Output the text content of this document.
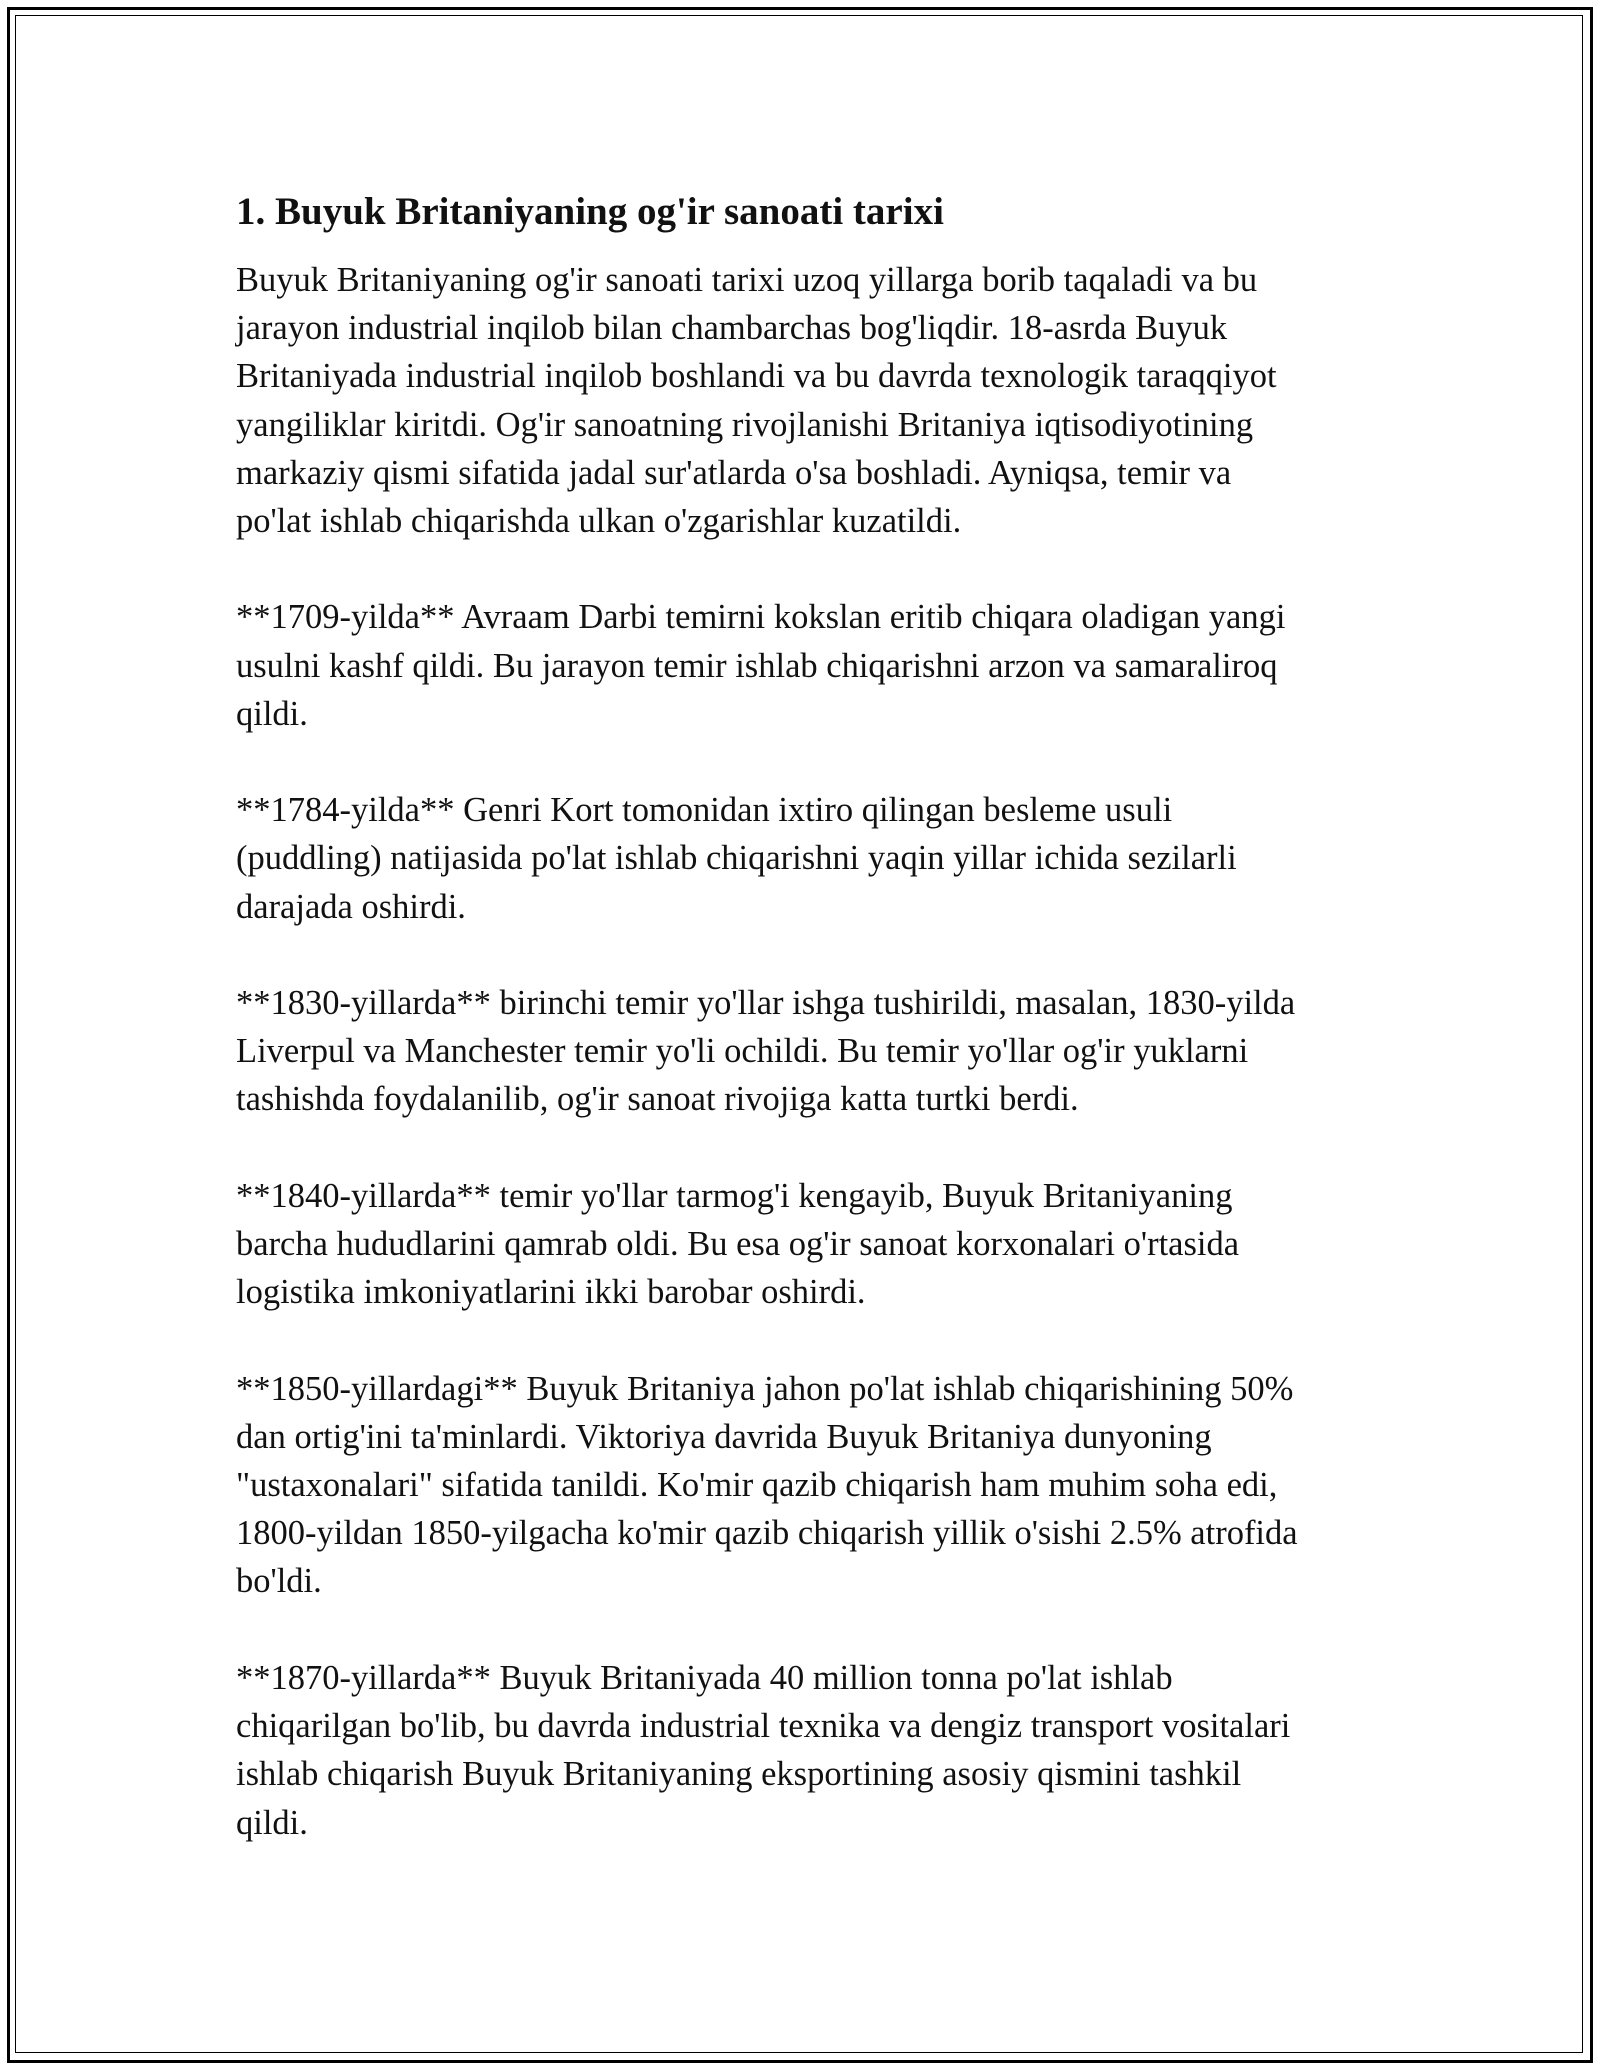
1. Buyuk Britaniyaning og'ir sanoati tarixi
Buyuk Britaniyaning og'ir sanoati tarixi uzoq yillarga borib taqaladi va bu
jarayon industrial inqilob bilan chambarchas bog'liqdir. 18-asrda Buyuk
Britaniyada industrial inqilob boshlandi va bu davrda texnologik taraqqiyot
yangiliklar kiritdi. Og'ir sanoatning rivojlanishi Britaniya iqtisodiyotining
markaziy qismi sifatida jadal sur'atlarda o'sa boshladi. Ayniqsa, temir va
po'lat ishlab chiqarishda ulkan o'zgarishlar kuzatildi.

**1709-yilda** Avraam Darbi temirni kokslan eritib chiqara oladigan yangi
usulni kashf qildi. Bu jarayon temir ishlab chiqarishni arzon va samaraliroq
qildi.

**1784-yilda** Genri Kort tomonidan ixtiro qilingan besleme usuli
(puddling) natijasida po'lat ishlab chiqarishni yaqin yillar ichida sezilarli
darajada oshirdi.

**1830-yillarda** birinchi temir yo'llar ishga tushirildi, masalan, 1830-yilda
Liverpul va Manchester temir yo'li ochildi. Bu temir yo'llar og'ir yuklarni
tashishda foydalanilib, og'ir sanoat rivojiga katta turtki berdi.

**1840-yillarda** temir yo'llar tarmog'i kengayib, Buyuk Britaniyaning
barcha hududlarini qamrab oldi. Bu esa og'ir sanoat korxonalari o'rtasida
logistika imkoniyatlarini ikki barobar oshirdi.

**1850-yillardagi** Buyuk Britaniya jahon po'lat ishlab chiqarishining 50%
dan ortig'ini ta'minlardi. Viktoriya davrida Buyuk Britaniya dunyoning
"ustaxonalari" sifatida tanildi. Ko'mir qazib chiqarish ham muhim soha edi,
1800-yildan 1850-yilgacha ko'mir qazib chiqarish yillik o'sishi 2.5% atrofida
bo'ldi.

**1870-yillarda** Buyuk Britaniyada 40 million tonna po'lat ishlab
chiqarilgan bo'lib, bu davrda industrial texnika va dengiz transport vositalari
ishlab chiqarish Buyuk Britaniyaning eksportining asosiy qismini tashkil
qildi.
